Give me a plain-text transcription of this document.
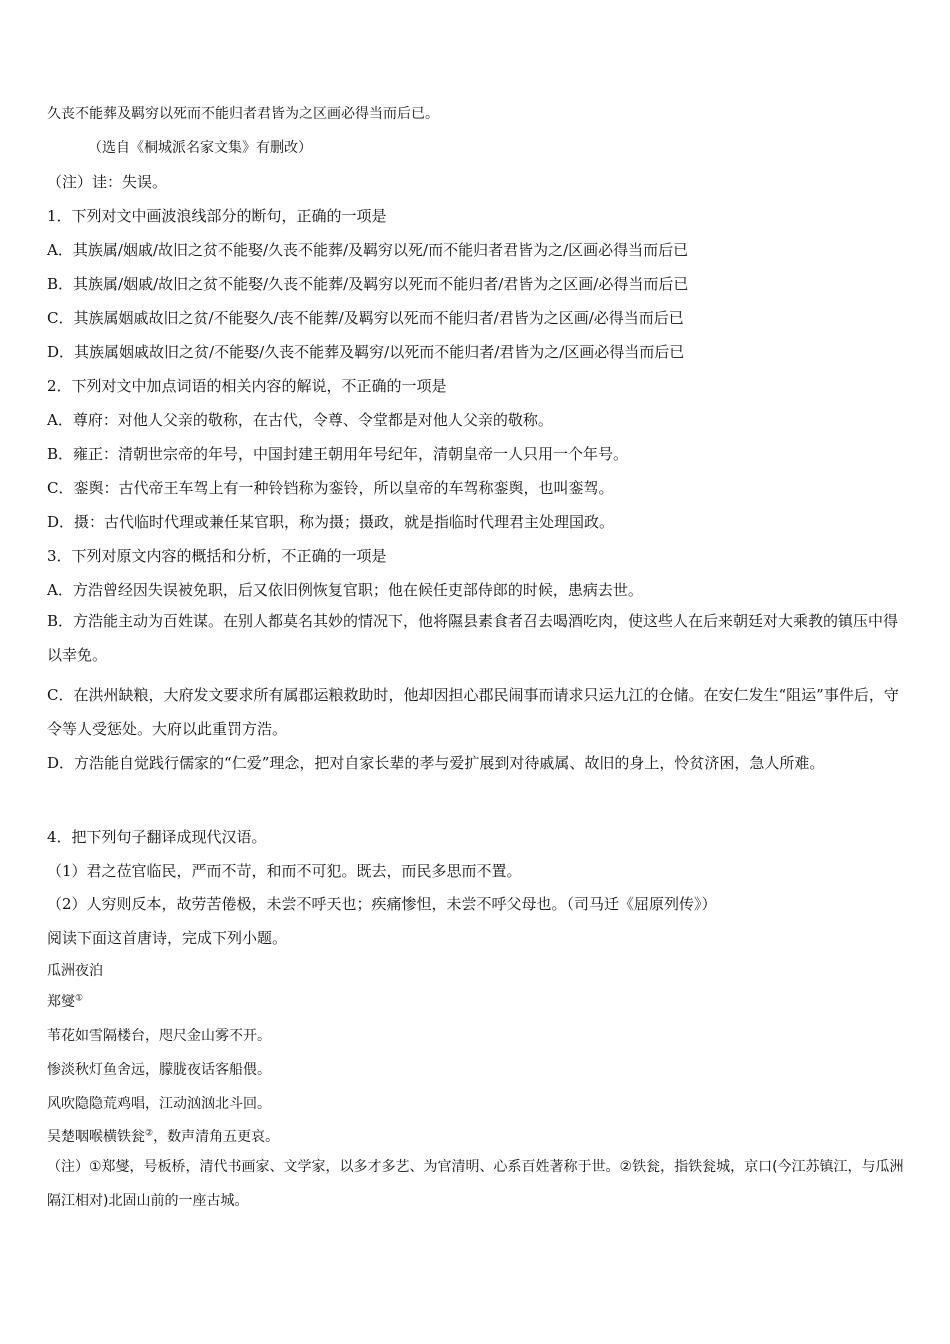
久丧不能葬及羁穷以死而不能归者君皆为之区画必得当而后已。
（选自《桐城派名家文集》有删改）
（注）诖：失误。
1．下列对文中画波浪线部分的断句，正确的一项是
A．其族属/姻戚/故旧之贫不能娶/久丧不能葬/及羁穷以死/而不能归者君皆为之/区画必得当而后已
B．其族属/姻戚/故旧之贫不能娶/久丧不能葬/及羁穷以死而不能归者/君皆为之区画/必得当而后已
C．其族属姻戚故旧之贫/不能娶久/丧不能葬/及羁穷以死而不能归者/君皆为之区画/必得当而后已
D．其族属姻戚故旧之贫/不能娶/久丧不能葬及羁穷/以死而不能归者/君皆为之/区画必得当而后已
2．下列对文中加点词语的相关内容的解说，不正确的一项是
A．尊府：对他人父亲的敬称，在古代，令尊、令堂都是对他人父亲的敬称。
B．雍正：清朝世宗帝的年号，中国封建王朝用年号纪年，清朝皇帝一人只用一个年号。
C．銮舆：古代帝王车驾上有一种铃铛称为銮铃，所以皇帝的车驾称銮舆，也叫銮驾。
D．摄：古代临时代理或兼任某官职，称为摄；摄政，就是指临时代理君主处理国政。
3．下列对原文内容的概括和分析，不正确的一项是
A．方浩曾经因失误被免职，后又依旧例恢复官职；他在候任吏部侍郎的时候，患病去世。
B．方浩能主动为百姓谋。在别人都莫名其妙的情况下，他将隰县素食者召去喝酒吃肉，使这些人在后来朝廷对大乘教的镇压中得以幸免。
C．在洪州缺粮，大府发文要求所有属郡运粮救助时，他却因担心郡民闹事而请求只运九江的仓储。在安仁发生“阻运”事件后，守令等人受惩处。大府以此重罚方浩。
D．方浩能自觉践行儒家的“仁爱”理念，把对自家长辈的孝与爱扩展到对待戚属、故旧的身上，怜贫济困，急人所难。
4．把下列句子翻译成现代汉语。
（1）君之莅官临民，严而不苛，和而不可犯。既去，而民多思而不置。
（2）人穷则反本，故劳苦倦极，未尝不呼天也；疾痛惨怛，未尝不呼父母也。（司马迁《屈原列传》）
阅读下面这首唐诗，完成下列小题。
瓜洲夜泊
郑燮①
苇花如雪隔楼台，咫尺金山雾不开。
惨淡秋灯鱼舍远，朦胧夜话客船偎。
风吹隐隐荒鸡唱，江动汹汹北斗回。
吴楚咽喉横铁瓮②，数声清角五更哀。
（注）①郑燮，号板桥，清代书画家、文学家，以多才多艺、为官清明、心系百姓著称于世。②铁瓮，指铁瓮城，京口(今江苏镇江，与瓜洲隔江相对)北固山前的一座古城。
